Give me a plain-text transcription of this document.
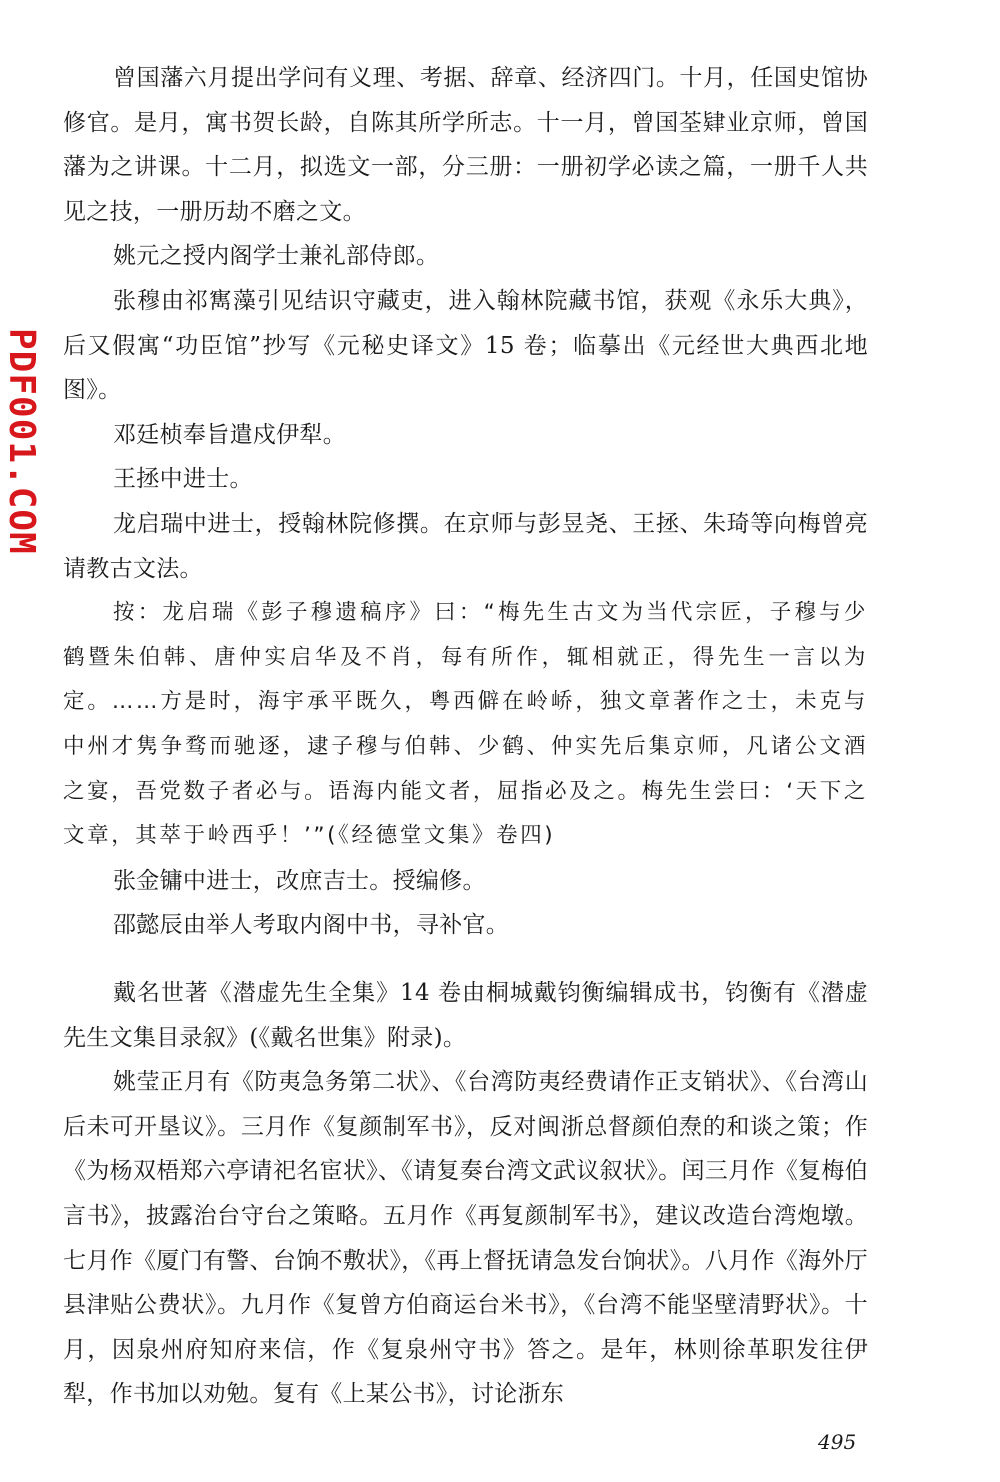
PDF001.COM

曾国藩六月提出学问有义理、考据、辞章、经济四门。十月，任国史馆协修官。是月，寓书贺长龄，自陈其所学所志。十一月，曾国荃肄业京师，曾国藩为之讲课。十二月，拟选文一部，分三册：一册初学必读之篇，一册千人共见之技，一册历劫不磨之文。

姚元之授内阁学士兼礼部侍郎。

张穆由祁寯藻引见结识守藏吏，进入翰林院藏书馆，获观《永乐大典》，后又假寓“功臣馆”抄写《元秘史译文》15 卷；临摹出《元经世大典西北地图》。

邓廷桢奉旨遣戍伊犁。

王拯中进士。

龙启瑞中进士，授翰林院修撰。在京师与彭昱尧、王拯、朱琦等向梅曾亮请教古文法。

按：龙启瑞《彭子穆遗稿序》曰：“梅先生古文为当代宗匠，子穆与少鹤暨朱伯韩、唐仲实启华及不肖，每有所作，辄相就正，得先生一言以为定。……方是时，海宇承平既久，粤西僻在岭峤，独文章著作之士，未克与中州才隽争骛而驰逐，逮子穆与伯韩、少鹤、仲实先后集京师，凡诸公文酒之宴，吾党数子者必与。语海内能文者，屈指必及之。梅先生尝曰：‘天下之文章，其萃于岭西乎！’”(《经德堂文集》卷四)

张金镛中进士，改庶吉士。授编修。

邵懿辰由举人考取内阁中书，寻补官。

戴名世著《潜虚先生全集》14 卷由桐城戴钧衡编辑成书，钧衡有《潜虚先生文集目录叙》(《戴名世集》附录)。

姚莹正月有《防夷急务第二状》、《台湾防夷经费请作正支销状》、《台湾山后未可开垦议》。三月作《复颜制军书》，反对闽浙总督颜伯焘的和谈之策；作《为杨双梧郑六亭请祀名宦状》、《请复奏台湾文武议叙状》。闰三月作《复梅伯言书》，披露治台守台之策略。五月作《再复颜制军书》，建议改造台湾炮墩。七月作《厦门有警、台饷不敷状》，《再上督抚请急发台饷状》。八月作《海外厅县津贴公费状》。九月作《复曾方伯商运台米书》，《台湾不能坚壁清野状》。十月，因泉州府知府来信，作《复泉州守书》答之。是年，林则徐革职发往伊犁，作书加以劝勉。复有《上某公书》，讨论浙东

495
